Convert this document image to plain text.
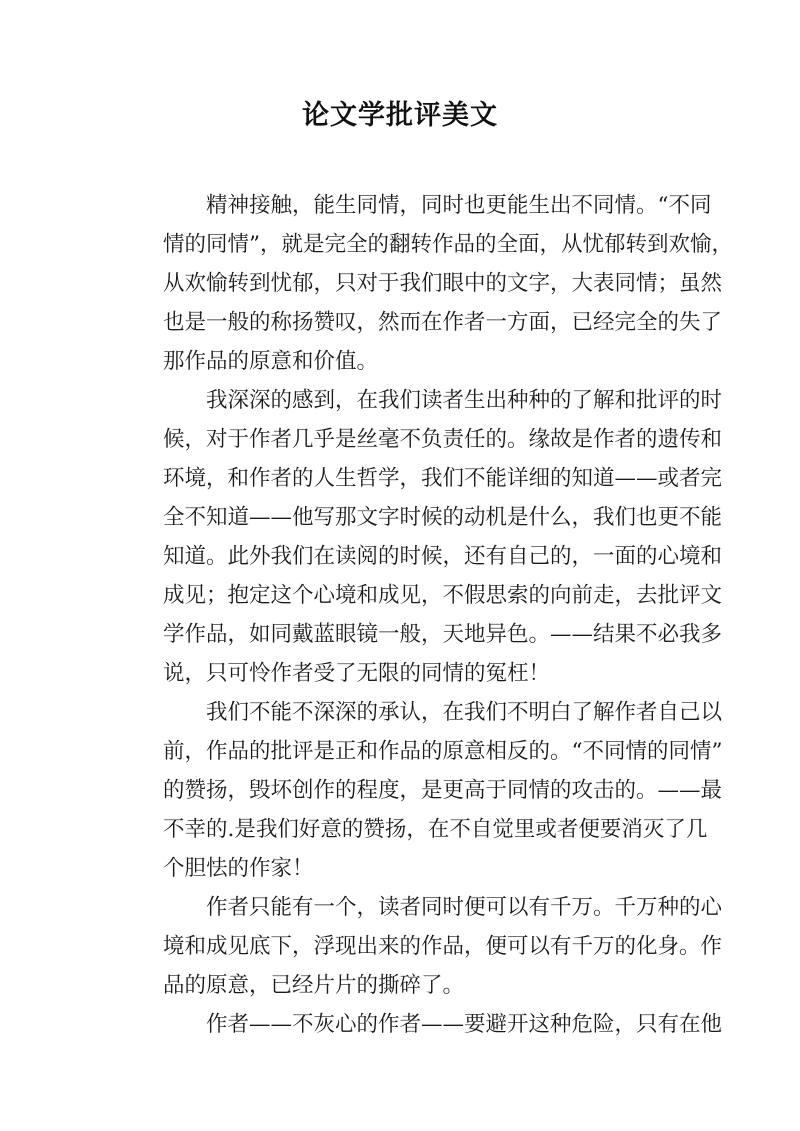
论文学批评美文
精神接触，能生同情，同时也更能生出不同情。“不同
情的同情”，就是完全的翻转作品的全面，从忧郁转到欢愉，
从欢愉转到忧郁，只对于我们眼中的文字，大表同情；虽然
也是一般的称扬赞叹，然而在作者一方面，已经完全的失了
那作品的原意和价值。
我深深的感到，在我们读者生出种种的了解和批评的时
候，对于作者几乎是丝毫不负责任的。缘故是作者的遗传和
环境，和作者的人生哲学，我们不能详细的知道——或者完
全不知道——他写那文字时候的动机是什么，我们也更不能
知道。此外我们在读阅的时候，还有自己的，一面的心境和
成见；抱定这个心境和成见，不假思索的向前走，去批评文
学作品，如同戴蓝眼镜一般，天地异色。——结果不必我多
说，只可怜作者受了无限的同情的冤枉！
我们不能不深深的承认，在我们不明白了解作者自己以
前，作品的批评是正和作品的原意相反的。“不同情的同情”
的赞扬，毁坏创作的程度，是更高于同情的攻击的。——最
不幸的.是我们好意的赞扬，在不自觉里或者便要消灭了几
个胆怯的作家！
作者只能有一个，读者同时便可以有千万。千万种的心
境和成见底下，浮现出来的作品，便可以有千万的化身。作
品的原意，已经片片的撕碎了。
作者——不灰心的作者——要避开这种危险，只有在他
